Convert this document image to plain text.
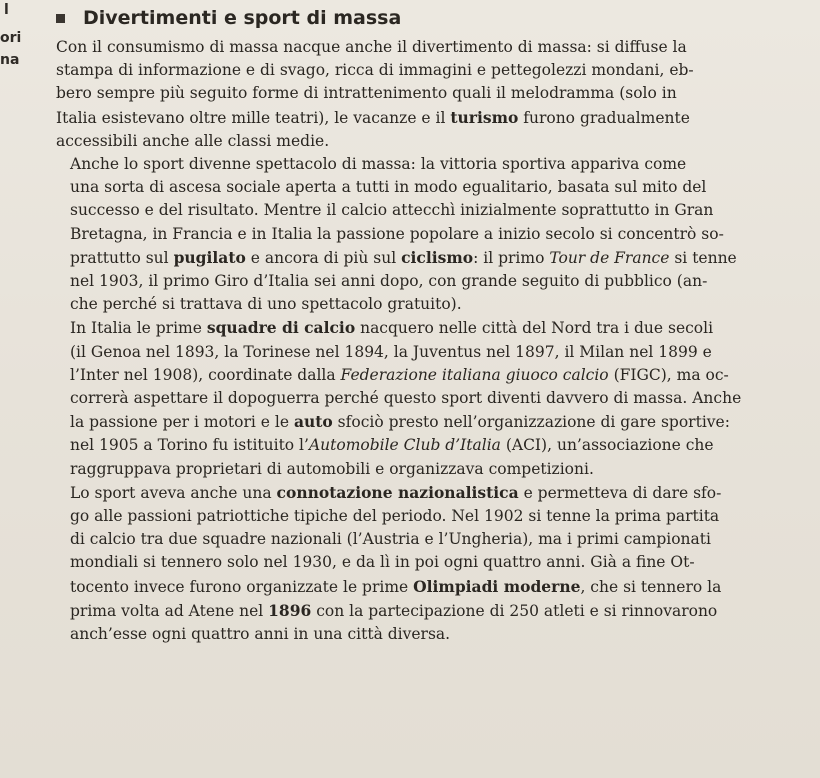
l
ori
na
Divertimenti e sport di massa

Con il consumismo di massa nacque anche il divertimento di massa: si diffuse la
stampa di informazione e di svago, ricca di immagini e pettegolezzi mondani, eb-
bero sempre più seguito forme di intrattenimento quali il melodramma (solo in
Italia esistevano oltre mille teatri), le vacanze e il turismo furono gradualmente
accessibili anche alle classi medie.

Anche lo sport divenne spettacolo di massa: la vittoria sportiva appariva come
una sorta di ascesa sociale aperta a tutti in modo egualitario, basata sul mito del
successo e del risultato. Mentre il calcio attecchì inizialmente soprattutto in Gran
Bretagna, in Francia e in Italia la passione popolare a inizio secolo si concentrò so-
prattutto sul pugilato e ancora di più sul ciclismo: il primo Tour de France si tenne
nel 1903, il primo Giro d’Italia sei anni dopo, con grande seguito di pubblico (an-
che perché si trattava di uno spettacolo gratuito).

In Italia le prime squadre di calcio nacquero nelle città del Nord tra i due secoli
(il Genoa nel 1893, la Torinese nel 1894, la Juventus nel 1897, il Milan nel 1899 e
l’Inter nel 1908), coordinate dalla Federazione italiana giuoco calcio (FIGC), ma oc-
correrà aspettare il dopoguerra perché questo sport diventi davvero di massa. Anche
la passione per i motori e le auto sfociò presto nell’organizzazione di gare sportive:
nel 1905 a Torino fu istituito l’Automobile Club d’Italia (ACI), un’associazione che
raggruppava proprietari di automobili e organizzava competizioni.

Lo sport aveva anche una connotazione nazionalistica e permetteva di dare sfo-
go alle passioni patriottiche tipiche del periodo. Nel 1902 si tenne la prima partita
di calcio tra due squadre nazionali (l’Austria e l’Ungheria), ma i primi campionati
mondiali si tennero solo nel 1930, e da lì in poi ogni quattro anni. Già a fine Ot-
tocento invece furono organizzate le prime Olimpiadi moderne, che si tennero la
prima volta ad Atene nel 1896 con la partecipazione di 250 atleti e si rinnovarono
anch’esse ogni quattro anni in una città diversa.
